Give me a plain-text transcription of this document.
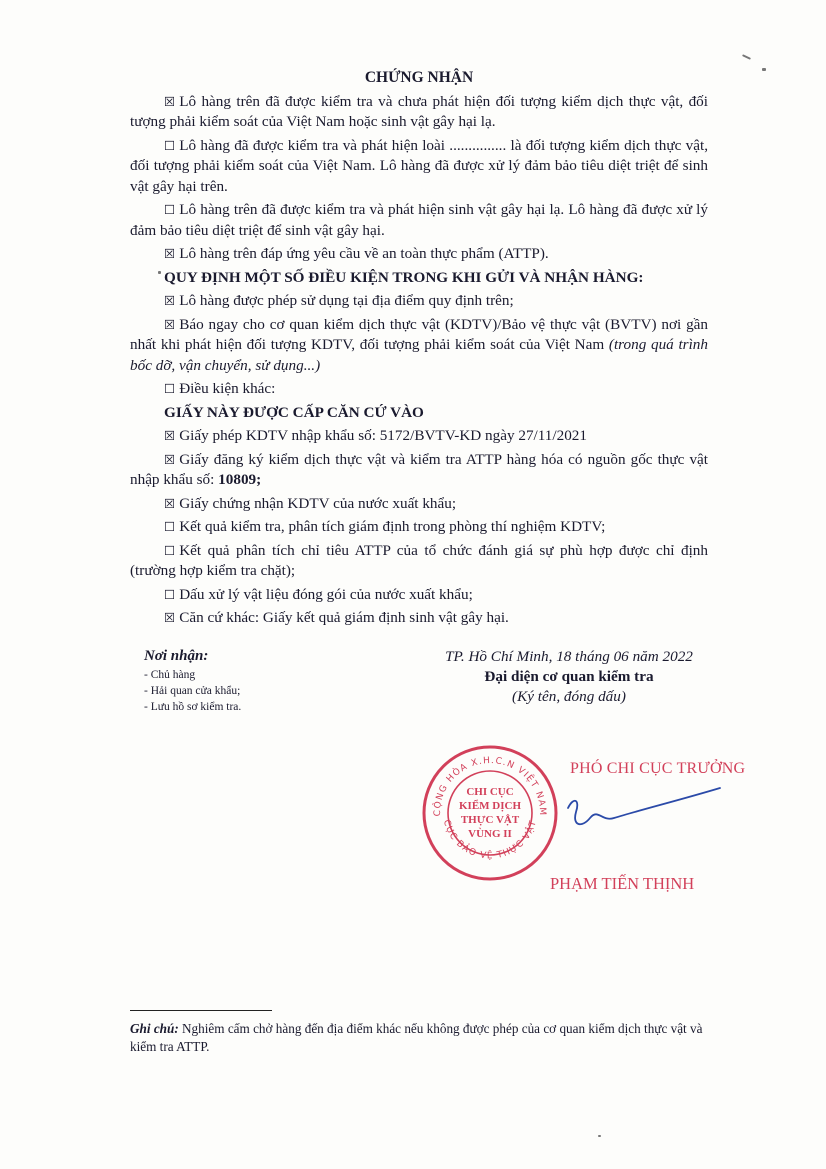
CHỨNG NHẬN

☒ Lô hàng trên đã được kiểm tra và chưa phát hiện đối tượng kiểm dịch thực vật, đối tượng phải kiểm soát của Việt Nam hoặc sinh vật gây hại lạ.

☐ Lô hàng đã được kiểm tra và phát hiện loài ............... là đối tượng kiểm dịch thực vật, đối tượng phải kiểm soát của Việt Nam. Lô hàng đã được xử lý đảm bảo tiêu diệt triệt để sinh vật gây hại trên.

☐ Lô hàng trên đã được kiểm tra và phát hiện sinh vật gây hại lạ. Lô hàng đã được xử lý đảm bảo tiêu diệt triệt để sinh vật gây hại.

☒ Lô hàng trên đáp ứng yêu cầu về an toàn thực phẩm (ATTP).

QUY ĐỊNH MỘT SỐ ĐIỀU KIỆN TRONG KHI GỬI VÀ NHẬN HÀNG:

☒ Lô hàng được phép sử dụng tại địa điểm quy định trên;

☒ Báo ngay cho cơ quan kiểm dịch thực vật (KDTV)/Bảo vệ thực vật (BVTV) nơi gần nhất khi phát hiện đối tượng KDTV, đối tượng phải kiểm soát của Việt Nam (trong quá trình bốc dỡ, vận chuyển, sử dụng...)

☐ Điều kiện khác:

GIẤY NÀY ĐƯỢC CẤP CĂN CỨ VÀO

☒ Giấy phép KDTV nhập khẩu số: 5172/BVTV-KD ngày 27/11/2021

☒ Giấy đăng ký kiểm dịch thực vật và kiểm tra ATTP hàng hóa có nguồn gốc thực vật nhập khẩu số: 10809;

☒ Giấy chứng nhận KDTV của nước xuất khẩu;

☐ Kết quả kiểm tra, phân tích giám định trong phòng thí nghiệm KDTV;

☐ Kết quả phân tích chỉ tiêu ATTP của tổ chức đánh giá sự phù hợp được chỉ định (trường hợp kiểm tra chặt);

☐ Dấu xử lý vật liệu đóng gói của nước xuất khẩu;

☒ Căn cứ khác: Giấy kết quả giám định sinh vật gây hại.

Nơi nhận:
- Chủ hàng
- Hải quan cửa khẩu;
- Lưu hồ sơ kiểm tra.
TP. Hồ Chí Minh, 18 tháng 06 năm 2022
Đại diện cơ quan kiểm tra
(Ký tên, đóng dấu)
CỘNG HÒA X.H.C.N VIỆT NAM
CỤC BẢO VỆ THỰC VẬT
CHI CỤC
KIỂM DỊCH
THỰC VẬT
VÙNG II
PHÓ CHI CỤC TRƯỞNG
PHẠM TIẾN THỊNH
Ghi chú: Nghiêm cấm chở hàng đến địa điểm khác nếu không được phép của cơ quan kiểm dịch thực vật và kiểm tra ATTP.
